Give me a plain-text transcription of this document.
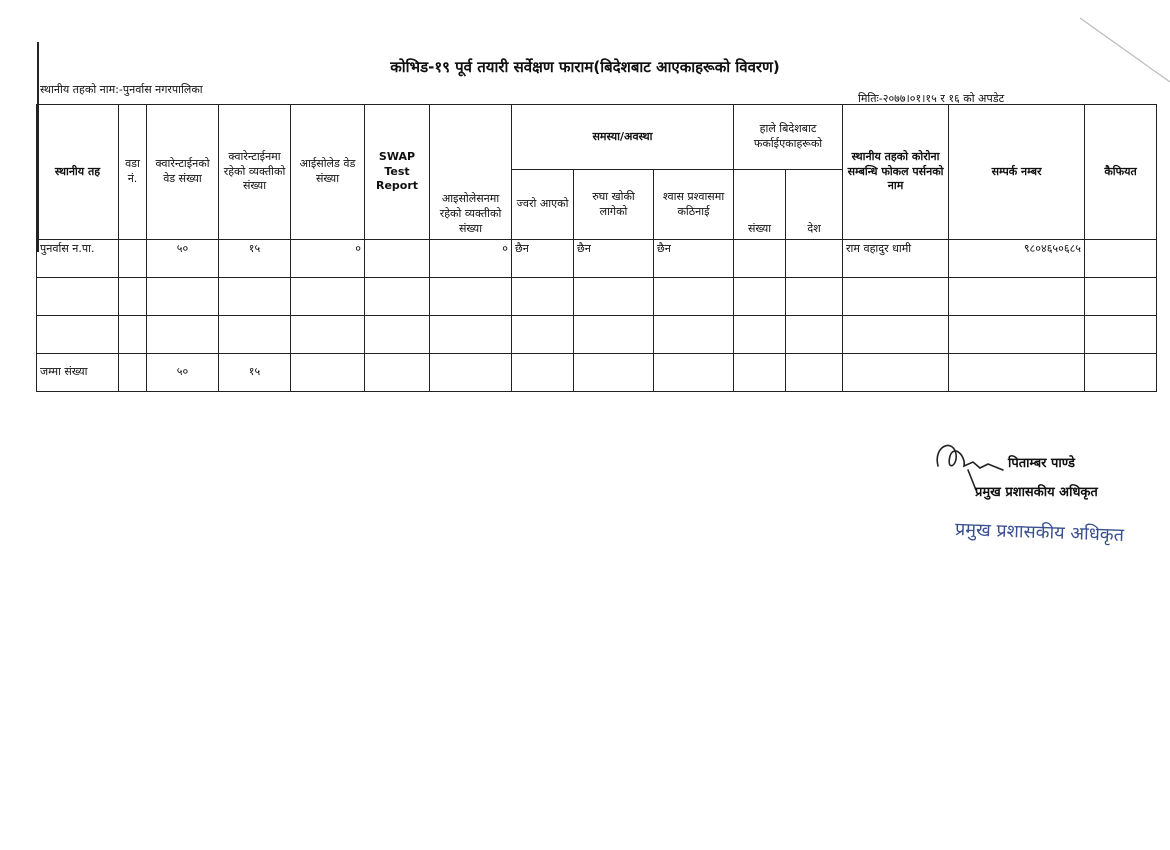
कोभिड-१९ पूर्व तयारी सर्वेक्षण फाराम(बिदेशबाट आएकाहरूको विवरण)
स्थानीय तहको नाम:-पुनर्वास नगरपालिका
मितिः-२०७७।०१।१५ र १६ को अपडेट
स्थानीय तह	वडा नं.	क्वारेन्टाईनको वेड संख्या	क्वारेन्टाईनमा रहेको व्यक्तीको संख्या	आईसोलेड वेड संख्या	SWAP Test Report	आइसोलेसनमा रहेको व्यक्तीको संख्या	समस्या/अवस्था			हाले बिदेशबाट फर्काईएकाहरूको		स्थानीय तहको कोरोना सम्बन्धि फोकल पर्सनको नाम	सम्पर्क नम्बर	कैफियत
							ज्वरो आएको	रुघा खोकी लागेको	श्वास प्रश्वासमा कठिनाई	संख्या	देश			
पुनर्वास न.पा.		५०	१५	०		०	छैन	छैन	छैन			राम वहादुर धामी	९८०४६५०६८५	

जम्मा संख्या		५०	१५											
पिताम्बर पाण्डे
प्रमुख प्रशासकीय अधिकृत
प्रमुख प्रशासकीय अधिकृत
